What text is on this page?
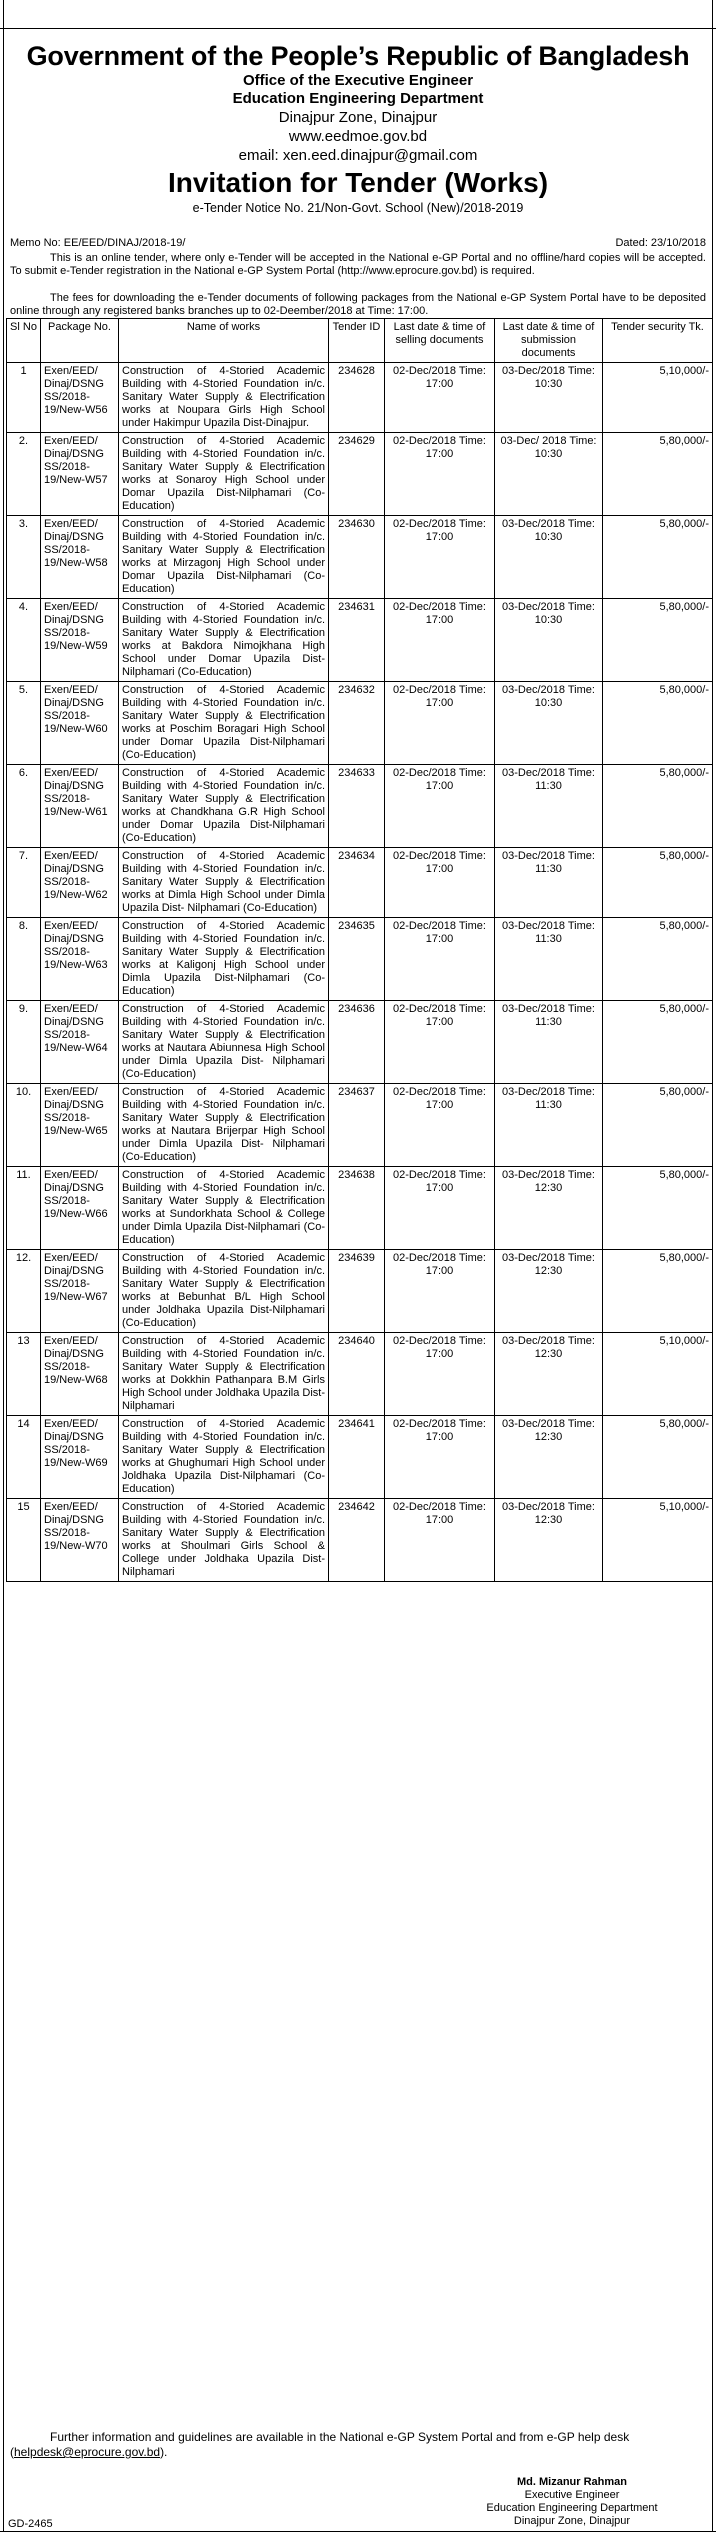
Government of the People’s Republic of Bangladesh
Office of the Executive Engineer
Education Engineering Department
Dinajpur Zone, Dinajpur
www.eedmoe.gov.bd
email: xen.eed.dinajpur@gmail.com
Invitation for Tender (Works)
e-Tender Notice No. 21/Non-Govt. School (New)/2018-2019
Memo No: EE/EED/DINAJ/2018-19/	Dated: 23/10/2018
This is an online tender, where only e-Tender will be accepted in the National e-GP Portal and no offline/hard copies will be accepted. To submit e-Tender registration in the National e-GP System Portal (http://www.eprocure.gov.bd) is required.
The fees for downloading the e-Tender documents of following packages from the National e-GP System Portal have to be deposited online through any registered banks branches up to 02-Deember/2018 at Time: 17:00.
Sl No	Package No.	Name of works	Tender ID	Last date & time of selling documents	Last date & time of submission documents	Tender security Tk.
1	Exen/EED/ Dinaj/DSNG SS/2018-19/New-W56	Construction of 4-Storied Academic Building with 4-Storied Foundation in/c. Sanitary Water Supply & Electrification works at Noupara Girls High School under Hakimpur Upazila Dist-Dinajpur.	234628	02-Dec/2018 Time: 17:00	03-Dec/2018 Time: 10:30	5,10,000/-
2.	Exen/EED/ Dinaj/DSNG SS/2018-19/New-W57	Construction of 4-Storied Academic Building with 4-Storied Foundation in/c. Sanitary Water Supply & Electrification works at Sonaroy High School under Domar Upazila Dist-Nilphamari (Co-Education)	234629	02-Dec/2018 Time: 17:00	03-Dec/ 2018 Time: 10:30	5,80,000/-
3.	Exen/EED/ Dinaj/DSNG SS/2018-19/New-W58	Construction of 4-Storied Academic Building with 4-Storied Foundation in/c. Sanitary Water Supply & Electrification works at Mirzagonj High School under Domar Upazila Dist-Nilphamari (Co-Education)	234630	02-Dec/2018 Time: 17:00	03-Dec/2018 Time: 10:30	5,80,000/-
4.	Exen/EED/ Dinaj/DSNG SS/2018-19/New-W59	Construction of 4-Storied Academic Building with 4-Storied Foundation in/c. Sanitary Water Supply & Electrification works at Bakdora Nimojkhana High School under Domar Upazila Dist-Nilphamari (Co-Education)	234631	02-Dec/2018 Time: 17:00	03-Dec/2018 Time: 10:30	5,80,000/-
5.	Exen/EED/ Dinaj/DSNG SS/2018-19/New-W60	Construction of 4-Storied Academic Building with 4-Storied Foundation in/c. Sanitary Water Supply & Electrification works at Poschim Boragari High School under Domar Upazila Dist-Nilphamari (Co-Education)	234632	02-Dec/2018 Time: 17:00	03-Dec/2018 Time: 10:30	5,80,000/-
6.	Exen/EED/ Dinaj/DSNG SS/2018-19/New-W61	Construction of 4-Storied Academic Building with 4-Storied Foundation in/c. Sanitary Water Supply & Electrification works at Chandkhana G.R High School under Domar Upazila Dist-Nilphamari (Co-Education)	234633	02-Dec/2018 Time: 17:00	03-Dec/2018 Time: 11:30	5,80,000/-
7.	Exen/EED/ Dinaj/DSNG SS/2018-19/New-W62	Construction of 4-Storied Academic Building with 4-Storied Foundation in/c. Sanitary Water Supply & Electrification works at Dimla High School under Dimla Upazila Dist- Nilphamari (Co-Education)	234634	02-Dec/2018 Time: 17:00	03-Dec/2018 Time: 11:30	5,80,000/-
8.	Exen/EED/ Dinaj/DSNG SS/2018-19/New-W63	Construction of 4-Storied Academic Building with 4-Storied Foundation in/c. Sanitary Water Supply & Electrification works at Kaligonj High School under Dimla Upazila Dist-Nilphamari (Co-Education)	234635	02-Dec/2018 Time: 17:00	03-Dec/2018 Time: 11:30	5,80,000/-
9.	Exen/EED/ Dinaj/DSNG SS/2018-19/New-W64	Construction of 4-Storied Academic Building with 4-Storied Foundation in/c. Sanitary Water Supply & Electrification works at Nautara Abiunnesa High School under Dimla Upazila Dist- Nilphamari (Co-Education)	234636	02-Dec/2018 Time: 17:00	03-Dec/2018 Time: 11:30	5,80,000/-
10.	Exen/EED/ Dinaj/DSNG SS/2018-19/New-W65	Construction of 4-Storied Academic Building with 4-Storied Foundation in/c. Sanitary Water Supply & Electrification works at Nautara Brijerpar High School under Dimla Upazila Dist- Nilphamari (Co-Education)	234637	02-Dec/2018 Time: 17:00	03-Dec/2018 Time: 11:30	5,80,000/-
11.	Exen/EED/ Dinaj/DSNG SS/2018-19/New-W66	Construction of 4-Storied Academic Building with 4-Storied Foundation in/c. Sanitary Water Supply & Electrification works at Sundorkhata School & College under Dimla Upazila Dist-Nilphamari (Co-Education)	234638	02-Dec/2018 Time: 17:00	03-Dec/2018 Time: 12:30	5,80,000/-
12.	Exen/EED/ Dinaj/DSNG SS/2018-19/New-W67	Construction of 4-Storied Academic Building with 4-Storied Foundation in/c. Sanitary Water Supply & Electrification works at Bebunhat B/L High School under Joldhaka Upazila Dist-Nilphamari (Co-Education)	234639	02-Dec/2018 Time: 17:00	03-Dec/2018 Time: 12:30	5,80,000/-
13	Exen/EED/ Dinaj/DSNG SS/2018-19/New-W68	Construction of 4-Storied Academic Building with 4-Storied Foundation in/c. Sanitary Water Supply & Electrification works at Dokkhin Pathanpara B.M Girls High School under Joldhaka Upazila Dist-Nilphamari	234640	02-Dec/2018 Time: 17:00	03-Dec/2018 Time: 12:30	5,10,000/-
14	Exen/EED/ Dinaj/DSNG SS/2018-19/New-W69	Construction of 4-Storied Academic Building with 4-Storied Foundation in/c. Sanitary Water Supply & Electrification works at Ghughumari High School under Joldhaka Upazila Dist-Nilphamari (Co-Education)	234641	02-Dec/2018 Time: 17:00	03-Dec/2018 Time: 12:30	5,80,000/-
15	Exen/EED/ Dinaj/DSNG SS/2018-19/New-W70	Construction of 4-Storied Academic Building with 4-Storied Foundation in/c. Sanitary Water Supply & Electrification works at Shoulmari Girls School & College under Joldhaka Upazila Dist-Nilphamari	234642	02-Dec/2018 Time: 17:00	03-Dec/2018 Time: 12:30	5,10,000/-
Further information and guidelines are available in the National e-GP System Portal and from e-GP help desk (helpdesk@eprocure.gov.bd).
Md. Mizanur Rahman
Executive Engineer
Education Engineering Department
Dinajpur Zone, Dinajpur
GD-2465
